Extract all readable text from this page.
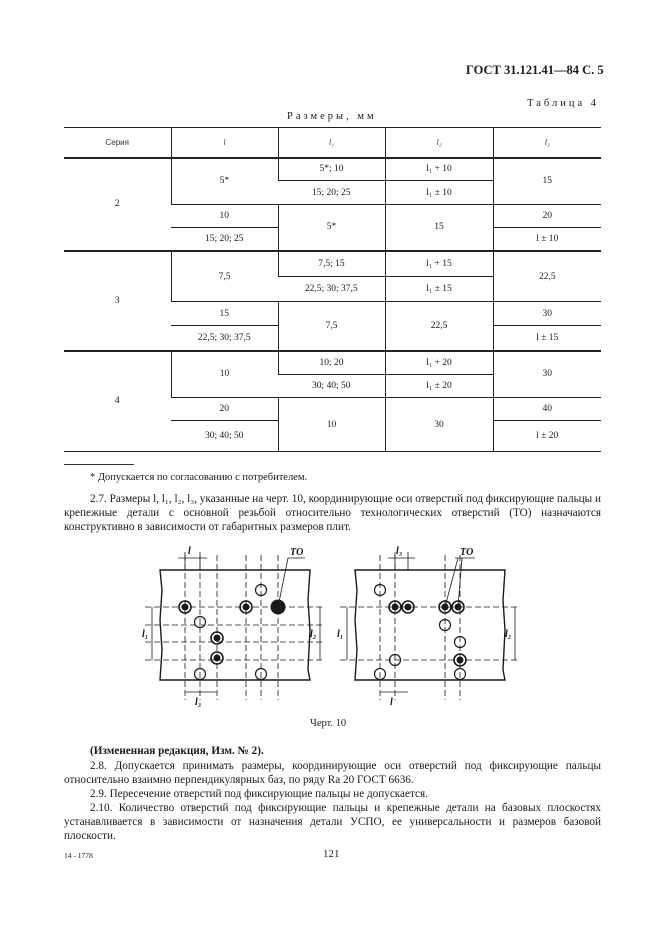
ГОСТ 31.121.41—84 С. 5
Таблица 4
Размеры, мм
Серия	l	l₁	l₂	l₃
2	5*	5*; 10	l₁ + 10	15
		15; 20; 25	l₁ ± 10	
	10	5*	15	20
	15; 20; 25			l ± 10
3	7,5	7,5; 15	l₁ + 15	22,5
		22,5; 30; 37,5	l₁ ± 15	
	15	7,5	22,5	30
	22,5; 30; 37,5			l ± 15
4	10	10; 20	l₁ + 20	30
		30; 40; 50	l₁ ± 20	
	20	10	30	40
	30; 40; 50			l ± 20
* Допускается по согласованию с потребителем.
2.7. Размеры l, l₁, l₂, l₃, указанные на черт. 10, координирующие оси отверстий под фиксирующие пальцы и крепежные детали с основной резьбой относительно технологических отверстий (ТО) назначаются конструктивно в зависимости от габаритных размеров плит.
l	ТО
l₁	l₂
l₃
l₃	ТО
l₁	l₂
l
Черт. 10
(Измененная редакция, Изм. № 2).
2.8. Допускается принимать размеры, координирующие оси отверстий под фиксирующие пальцы относительно взаимно перпендикулярных баз, по ряду Ra 20 ГОСТ 6636.
2.9. Пересечение отверстий под фиксирующие пальцы не допускается.
2.10. Количество отверстий под фиксирующие пальцы и крепежные детали на базовых плоскостях устанавливается в зависимости от назначения детали УСПО, ее универсальности и размеров базовой плоскости.
14 - 1778	121
